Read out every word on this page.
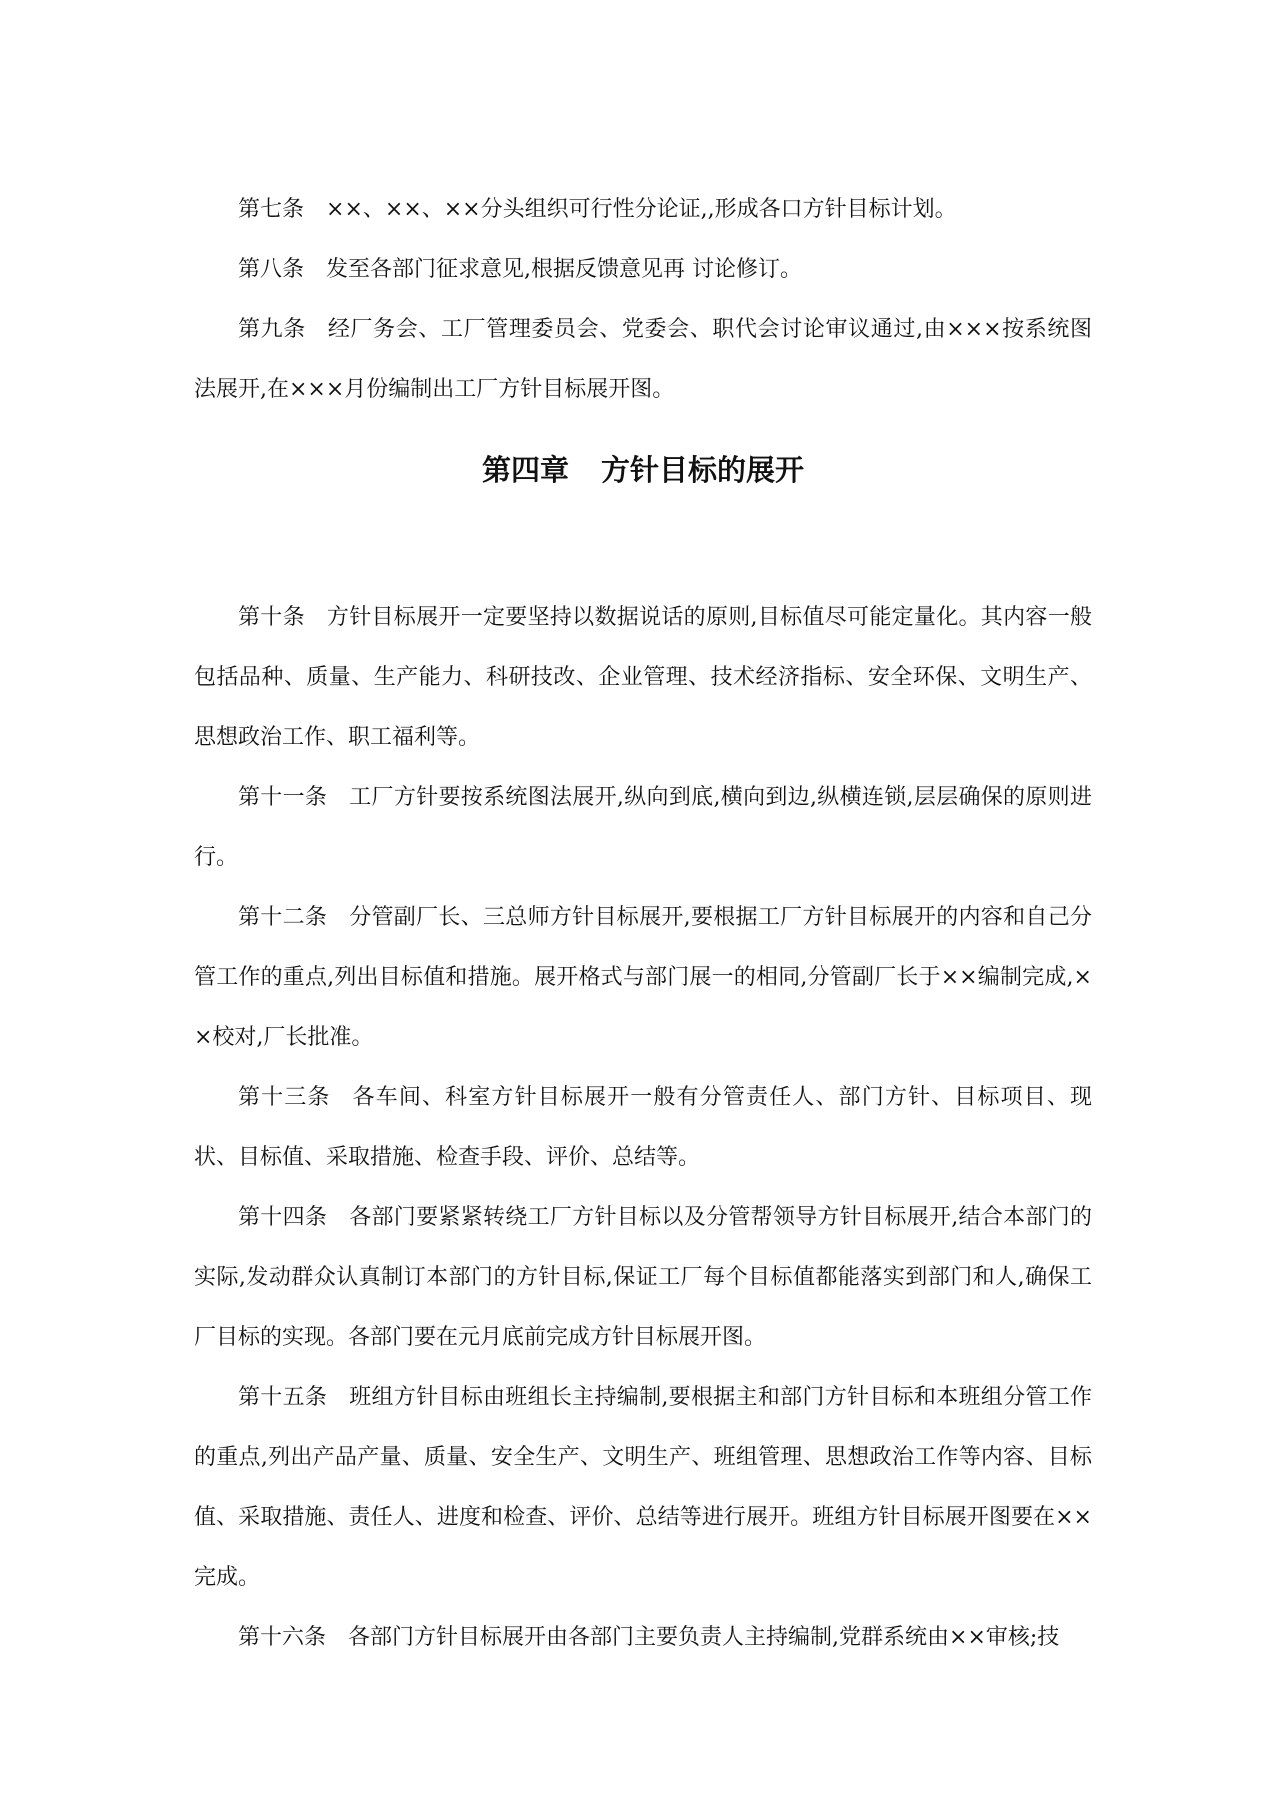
第七条 ××、××、××分头组织可行性分论证,,形成各口方针目标计划。

第八条 发至各部门征求意见,根据反馈意见再 讨论修订。

第九条 经厂务会、工厂管理委员会、党委会、职代会讨论审议通过,由×××按系统图法展开,在×××月份编制出工厂方针目标展开图。

第四章 方针目标的展开

第十条 方针目标展开一定要坚持以数据说话的原则,目标值尽可能定量化。其内容一般包括品种、质量、生产能力、科研技改、企业管理、技术经济指标、安全环保、文明生产、思想政治工作、职工福利等。

第十一条 工厂方针要按系统图法展开,纵向到底,横向到边,纵横连锁,层层确保的原则进行。

第十二条 分管副厂长、三总师方针目标展开,要根据工厂方针目标展开的内容和自己分管工作的重点,列出目标值和措施。展开格式与部门展一的相同,分管副厂长于××编制完成,××校对,厂长批准。

第十三条 各车间、科室方针目标展开一般有分管责任人、部门方针、目标项目、现状、目标值、采取措施、检查手段、评价、总结等。

第十四条 各部门要紧紧转绕工厂方针目标以及分管帮领导方针目标展开,结合本部门的实际,发动群众认真制订本部门的方针目标,保证工厂每个目标值都能落实到部门和人,确保工厂目标的实现。各部门要在元月底前完成方针目标展开图。

第十五条 班组方针目标由班组长主持编制,要根据主和部门方针目标和本班组分管工作的重点,列出产品产量、质量、安全生产、文明生产、班组管理、思想政治工作等内容、目标值、采取措施、责任人、进度和检查、评价、总结等进行展开。班组方针目标展开图要在××完成。

第十六条 各部门方针目标展开由各部门主要负责人主持编制,党群系统由××审核;技
